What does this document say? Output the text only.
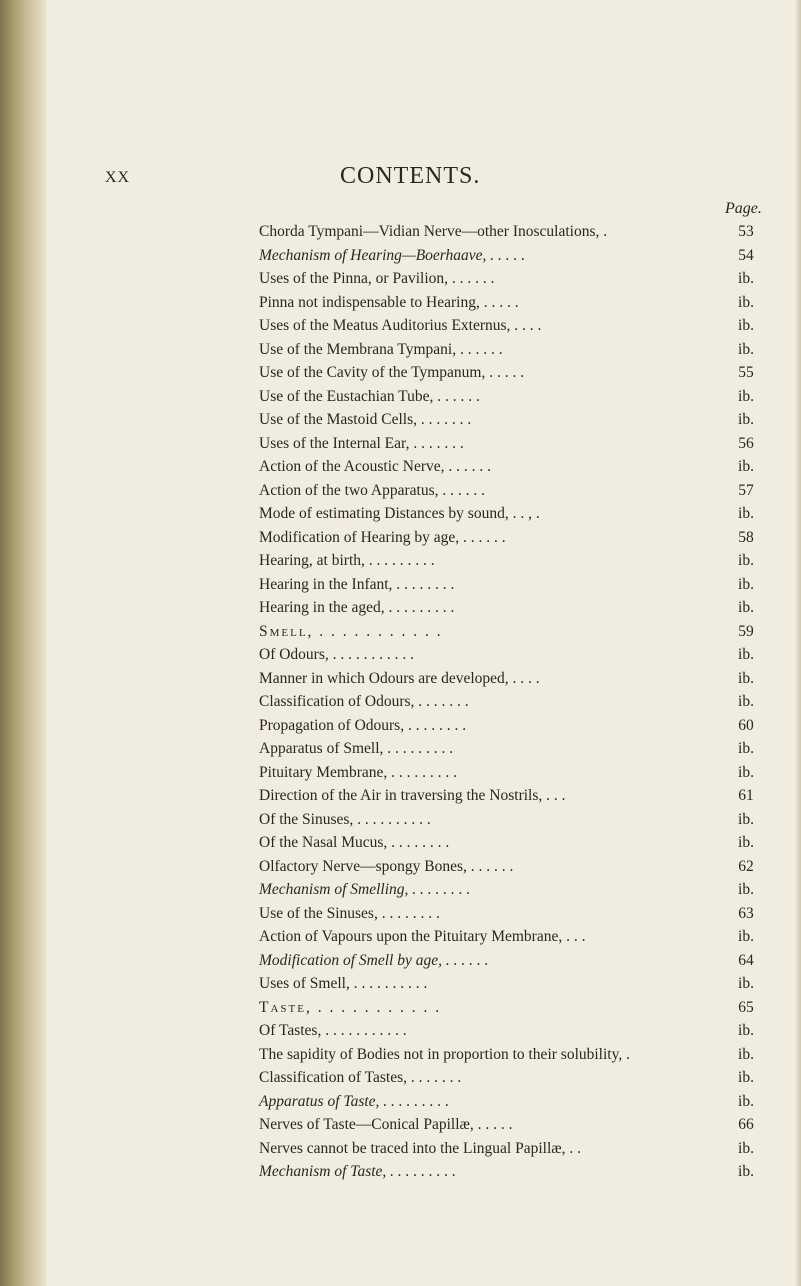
XX	CONTENTS.
Page.
Chorda Tympani—Vidian Nerve—other Inosculations, .	53
Mechanism of Hearing—Boerhaave, . . . . .	54
Uses of the Pinna, or Pavilion, . . . . . .	ib.
Pinna not indispensable to Hearing, . . . . .	ib.
Uses of the Meatus Auditorius Externus, . . . .	ib.
Use of the Membrana Tympani, . . . . . .	ib.
Use of the Cavity of the Tympanum, . . . . .	55
Use of the Eustachian Tube, . . . . . .	ib.
Use of the Mastoid Cells, . . . . . . .	ib.
Uses of the Internal Ear, . . . . . . .	56
Action of the Acoustic Nerve, . . . . . .	ib.
Action of the two Apparatus, . . . . . .	57
Mode of estimating Distances by sound, . . , .	ib.
Modification of Hearing by age, . . . . . .	58
Hearing, at birth, . . . . . . . . .	ib.
Hearing in the Infant, . . . . . . . .	ib.
Hearing in the aged, . . . . . . . . .	ib.
Smell, . . . . . . . . . . .	59
Of Odours, . . . . . . . . . . .	ib.
Manner in which Odours are developed, . . . .	ib.
Classification of Odours, . . . . . . .	ib.
Propagation of Odours, . . . . . . . .	60
Apparatus of Smell, . . . . . . . . .	ib.
Pituitary Membrane, . . . . . . . . .	ib.
Direction of the Air in traversing the Nostrils, . . .	61
Of the Sinuses, . . . . . . . . . .	ib.
Of the Nasal Mucus, . . . . . . . .	ib.
Olfactory Nerve—spongy Bones, . . . . . .	62
Mechanism of Smelling, . . . . . . . .	ib.
Use of the Sinuses, . . . . . . . .	63
Action of Vapours upon the Pituitary Membrane, . . .	ib.
Modification of Smell by age, . . . . . .	64
Uses of Smell, . . . . . . . . . .	ib.
Taste, . . . . . . . . . . .	65
Of Tastes, . . . . . . . . . . .	ib.
The sapidity of Bodies not in proportion to their solubility, .	ib.
Classification of Tastes, . . . . . . .	ib.
Apparatus of Taste, . . . . . . . . .	ib.
Nerves of Taste—Conical Papillæ, . . . . .	66
Nerves cannot be traced into the Lingual Papillæ, . .	ib.
Mechanism of Taste, . . . . . . . . .	ib.
